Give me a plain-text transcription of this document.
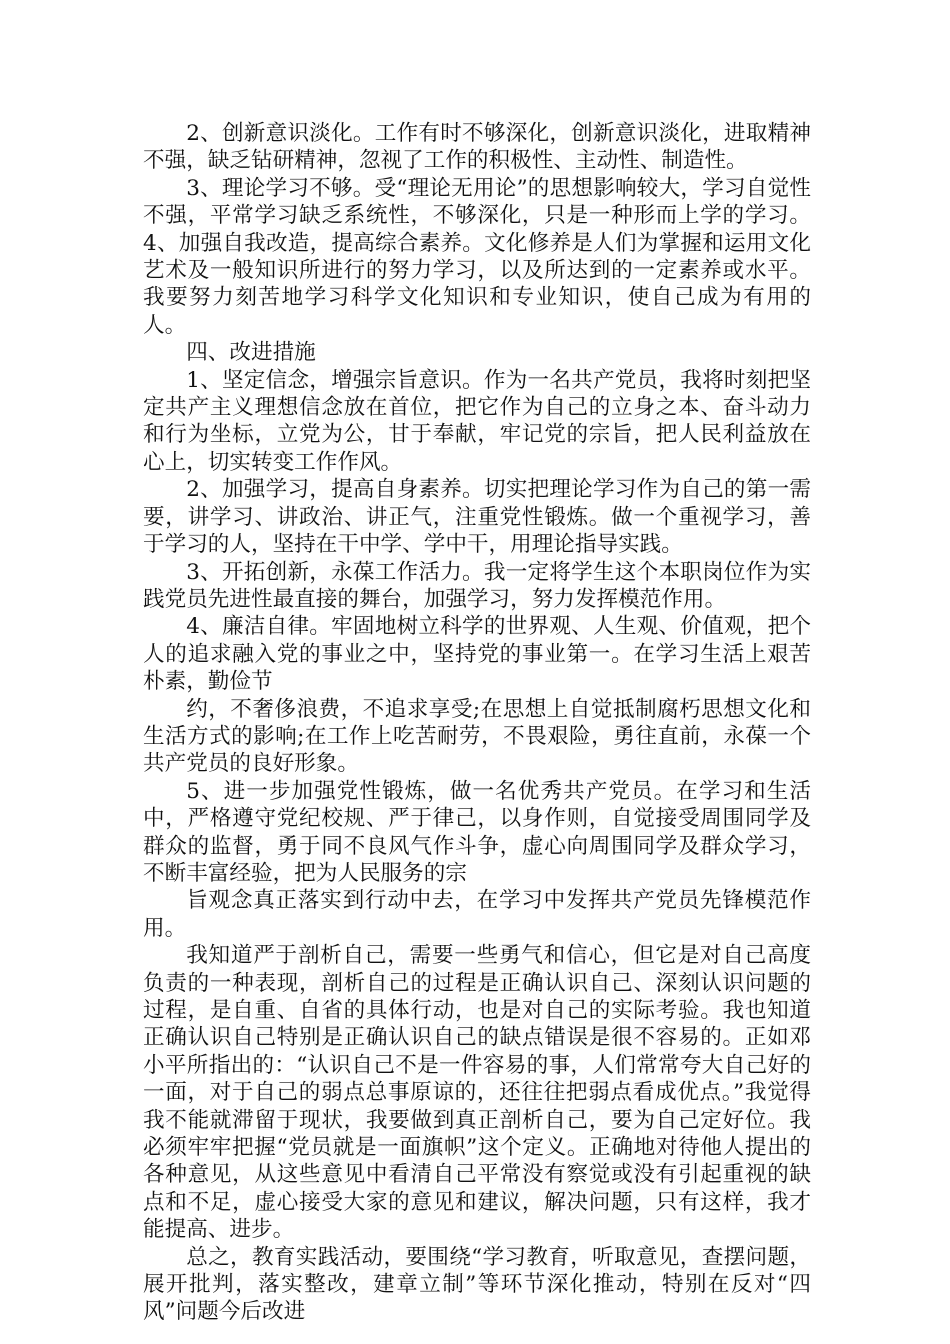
2、创新意识淡化。工作有时不够深化，创新意识淡化，进取精神不强，缺乏钻研精神，忽视了工作的积极性、主动性、制造性。

3、理论学习不够。受“理论无用论”的思想影响较大，学习自觉性不强，平常学习缺乏系统性，不够深化，只是一种形而上学的学习。4、加强自我改造，提高综合素养。文化修养是人们为掌握和运用文化艺术及一般知识所进行的努力学习，以及所达到的一定素养或水平。我要努力刻苦地学习科学文化知识和专业知识，使自己成为有用的人。

四、改进措施

1、坚定信念，增强宗旨意识。作为一名共产党员，我将时刻把坚定共产主义理想信念放在首位，把它作为自己的立身之本、奋斗动力和行为坐标，立党为公，甘于奉献，牢记党的宗旨，把人民利益放在心上，切实转变工作作风。

2、加强学习，提高自身素养。切实把理论学习作为自己的第一需要，讲学习、讲政治、讲正气，注重党性锻炼。做一个重视学习，善于学习的人，坚持在干中学、学中干，用理论指导实践。

3、开拓创新，永葆工作活力。我一定将学生这个本职岗位作为实践党员先进性最直接的舞台，加强学习，努力发挥模范作用。

4、廉洁自律。牢固地树立科学的世界观、人生观、价值观，把个人的追求融入党的事业之中，坚持党的事业第一。在学习生活上艰苦朴素，勤俭节

约，不奢侈浪费，不追求享受;在思想上自觉抵制腐朽思想文化和生活方式的影响;在工作上吃苦耐劳，不畏艰险，勇往直前，永葆一个共产党员的良好形象。

5、进一步加强党性锻炼，做一名优秀共产党员。在学习和生活中，严格遵守党纪校规、严于律己，以身作则，自觉接受周围同学及群众的监督，勇于同不良风气作斗争，虚心向周围同学及群众学习，不断丰富经验，把为人民服务的宗

旨观念真正落实到行动中去，在学习中发挥共产党员先锋模范作用。

我知道严于剖析自己，需要一些勇气和信心，但它是对自己高度负责的一种表现，剖析自己的过程是正确认识自己、深刻认识问题的过程，是自重、自省的具体行动，也是对自己的实际考验。我也知道正确认识自己特别是正确认识自己的缺点错误是很不容易的。正如邓小平所指出的：“认识自己不是一件容易的事，人们常常夸大自己好的一面，对于自己的弱点总事原谅的，还往往把弱点看成优点。”我觉得我不能就滞留于现状，我要做到真正剖析自己，要为自己定好位。我必须牢牢把握“党员就是一面旗帜”这个定义。正确地对待他人提出的各种意见，从这些意见中看清自己平常没有察觉或没有引起重视的缺点和不足，虚心接受大家的意见和建议，解决问题，只有这样，我才能提高、进步。

总之，教育实践活动，要围绕“学习教育，听取意见，查摆问题，展开批判，落实整改，建章立制”等环节深化推动，特别在反对“四风”问题今后改进
